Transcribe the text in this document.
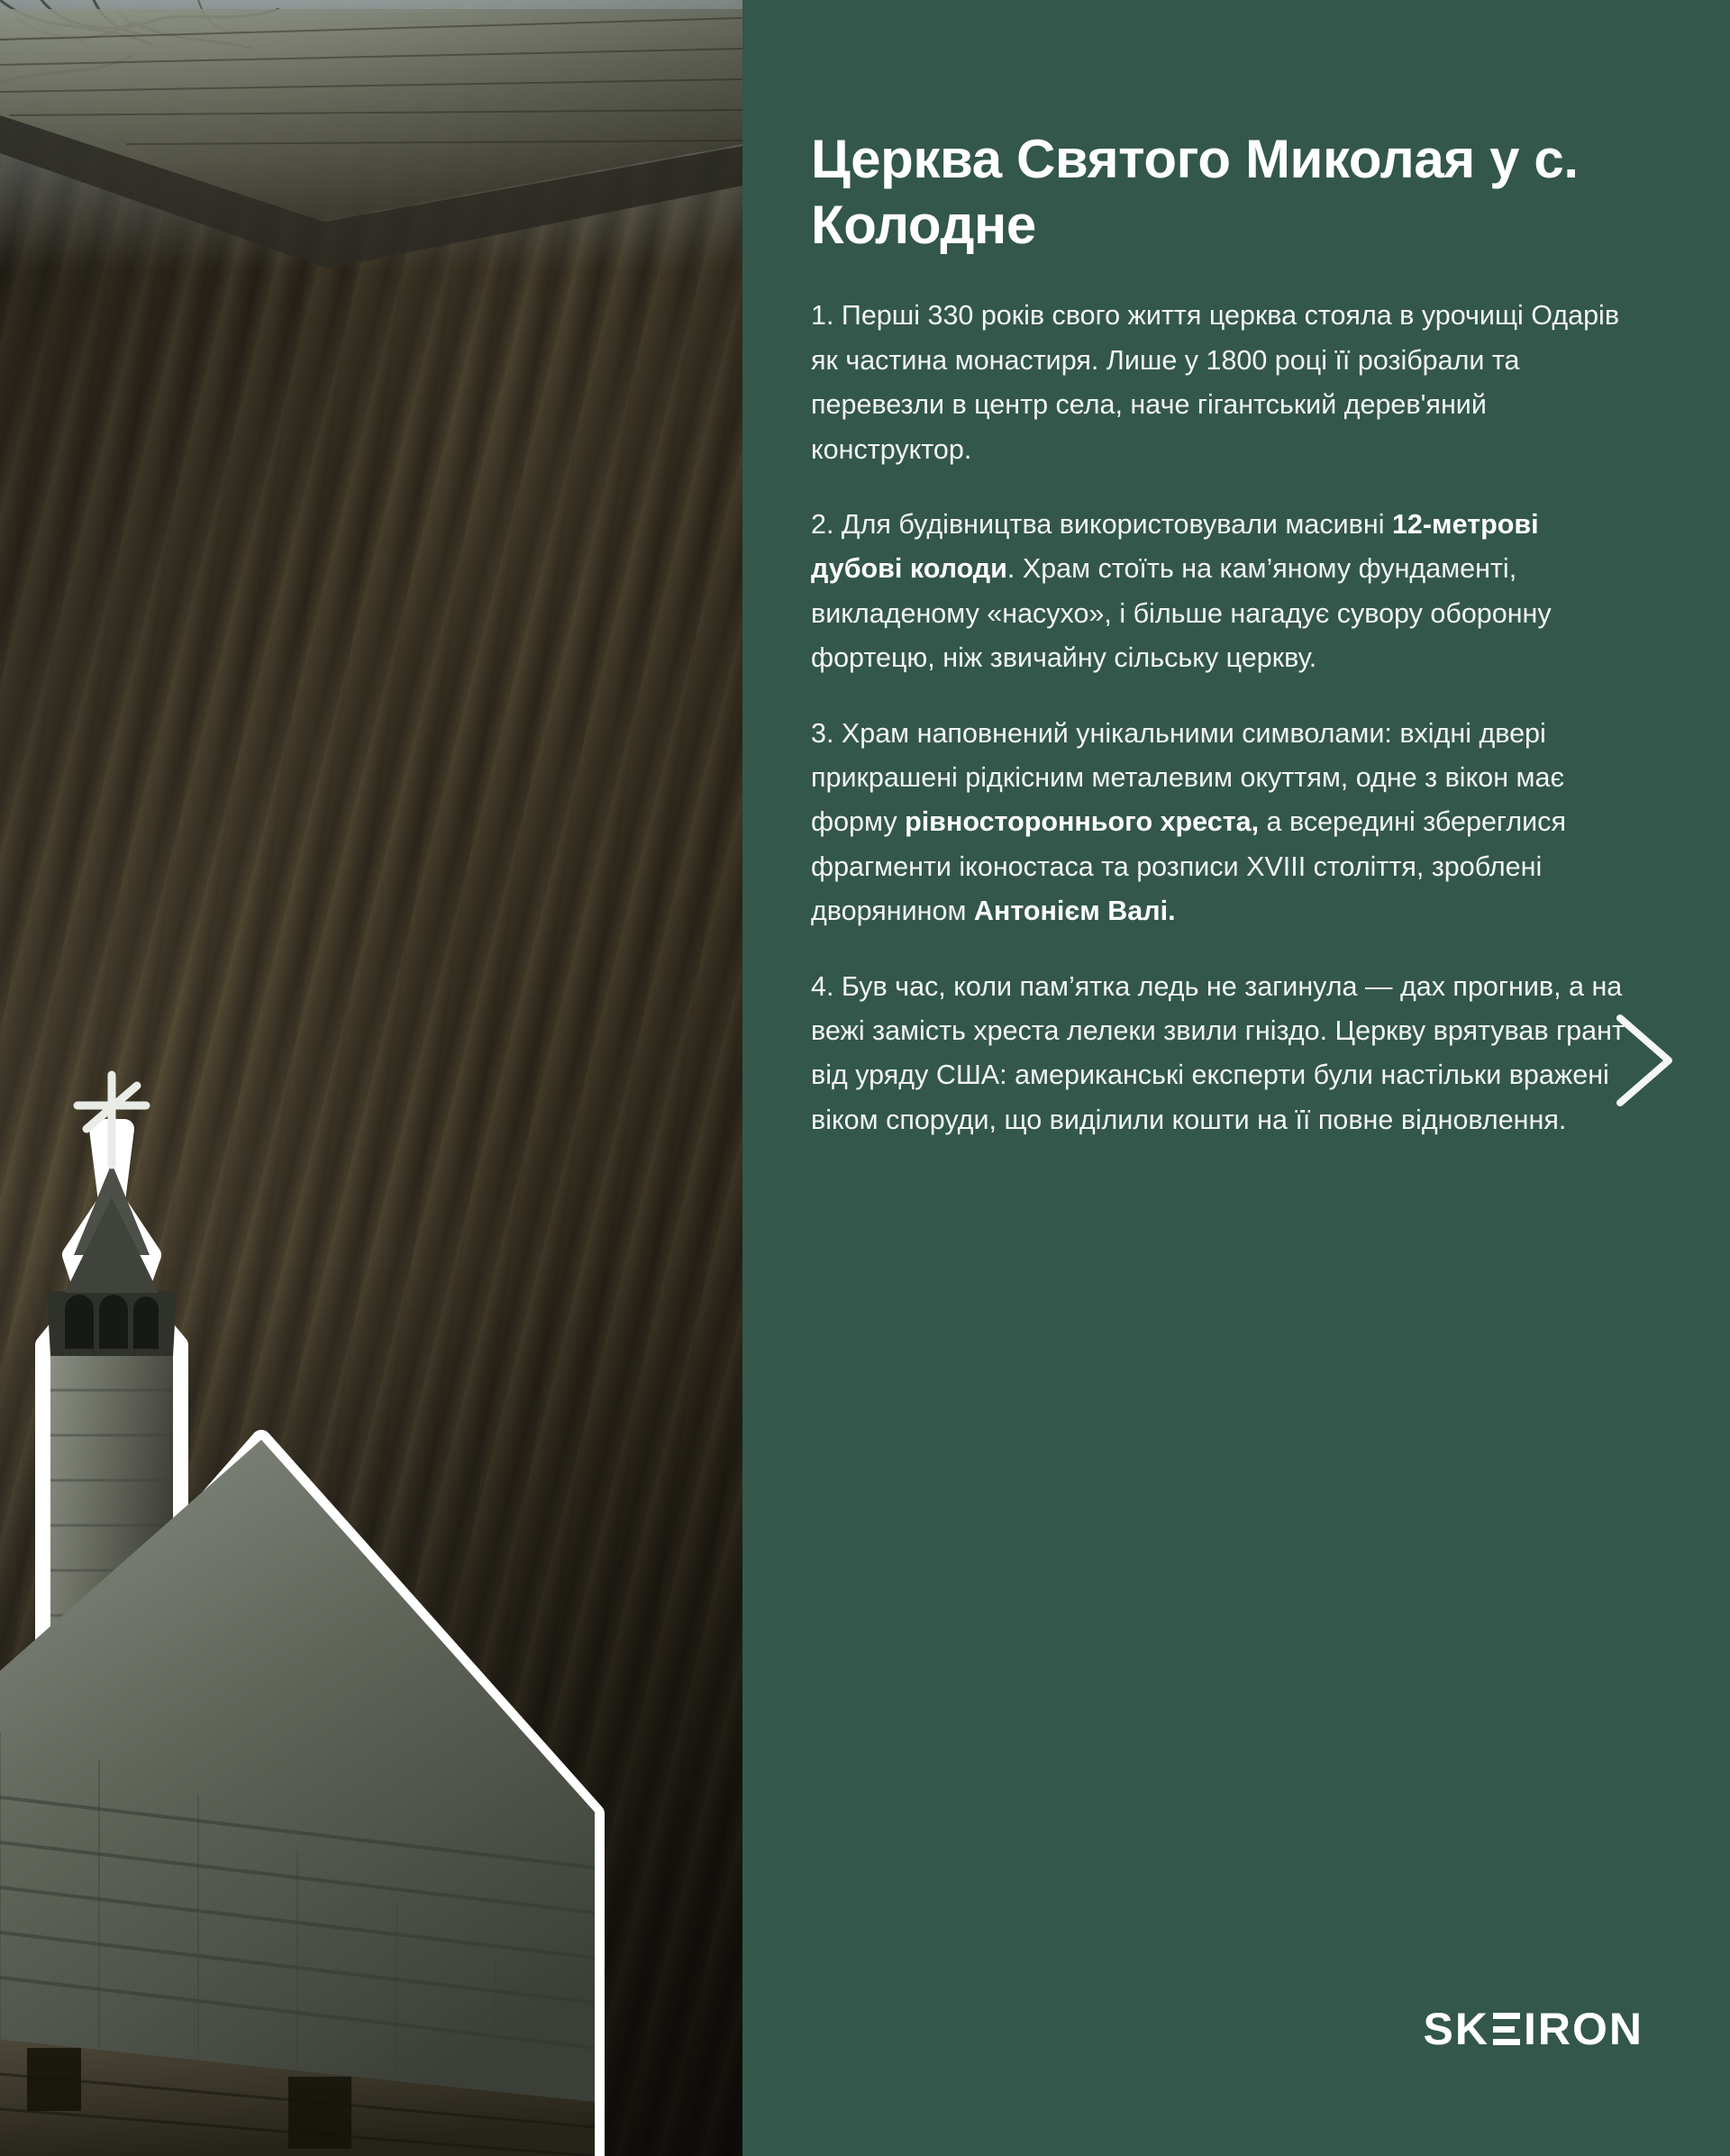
Церква Святого Миколая у с. Колодне

1. Перші 330 років свого життя церква стояла в урочищі Одарів як частина монастиря. Лише у 1800 році її розібрали та перевезли в центр села, наче гігантський дерев'яний конструктор.

2. Для будівництва використовували масивні 12-метрові дубові колоди. Храм стоїть на кам’яному фундаменті, викладеному «насухо», і більше нагадує сувору оборонну фортецю, ніж звичайну сільську церкву.

3. Храм наповнений унікальними символами: вхідні двері прикрашені рідкісним металевим окуттям, одне з вікон має форму рівностороннього хреста, а всередині збереглися фрагменти іконостаса та розписи XVIII століття, зроблені дворянином Антонієм Валі.

4. Був час, коли пам’ятка ледь не загинула — дах прогнив, а на вежі замість хреста лелеки звили гніздо. Церкву врятував грант від уряду США: американські експерти були настільки вражені віком споруди, що виділили кошти на її повне відновлення.

SK IRON
